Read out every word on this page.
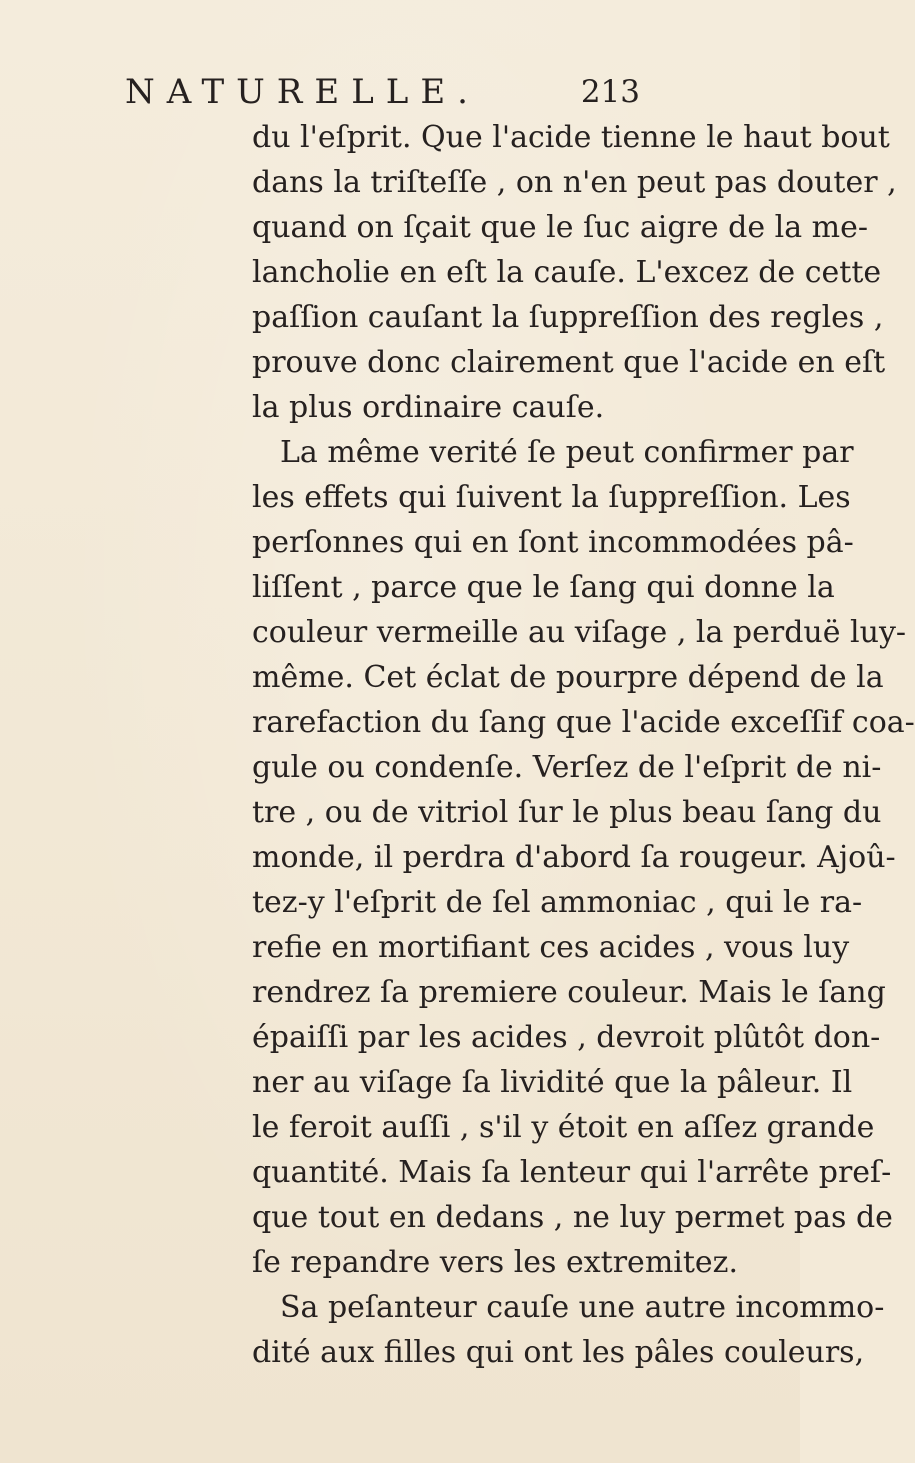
NATURELLE.	213
du l'eſprit. Que l'acide tienne le haut bout
dans la triſteſſe , on n'en peut pas douter ,
quand on ſçait que le ſuc aigre de la me-
lancholie en eſt la cauſe. L'excez de cette
paſſion cauſant la ſuppreſſion des regles ,
prouve donc clairement que l'acide en eſt
la plus ordinaire cauſe.
La même verité ſe peut confirmer par
les effets qui ſuivent la ſuppreſſion. Les
perſonnes qui en ſont incommodées pâ-
liſſent , parce que le ſang qui donne la
couleur vermeille au viſage , la perduë luy-
même. Cet éclat de pourpre dépend de la
rarefaction du ſang que l'acide exceſſif coa-
gule ou condenſe. Verſez de l'eſprit de ni-
tre , ou de vitriol ſur le plus beau ſang du
monde, il perdra d'abord ſa rougeur. Ajoû-
tez-y l'eſprit de ſel ammoniac , qui le ra-
refie en mortifiant ces acides , vous luy
rendrez ſa premiere couleur. Mais le ſang
épaiſſi par les acides , devroit plûtôt don-
ner au viſage ſa lividité que la pâleur. Il
le feroit auſſi , s'il y étoit en aſſez grande
quantité. Mais ſa lenteur qui l'arrête preſ-
que tout en dedans , ne luy permet pas de
ſe repandre vers les extremitez.
Sa peſanteur cauſe une autre incommo-
dité aux filles qui ont les pâles couleurs,
